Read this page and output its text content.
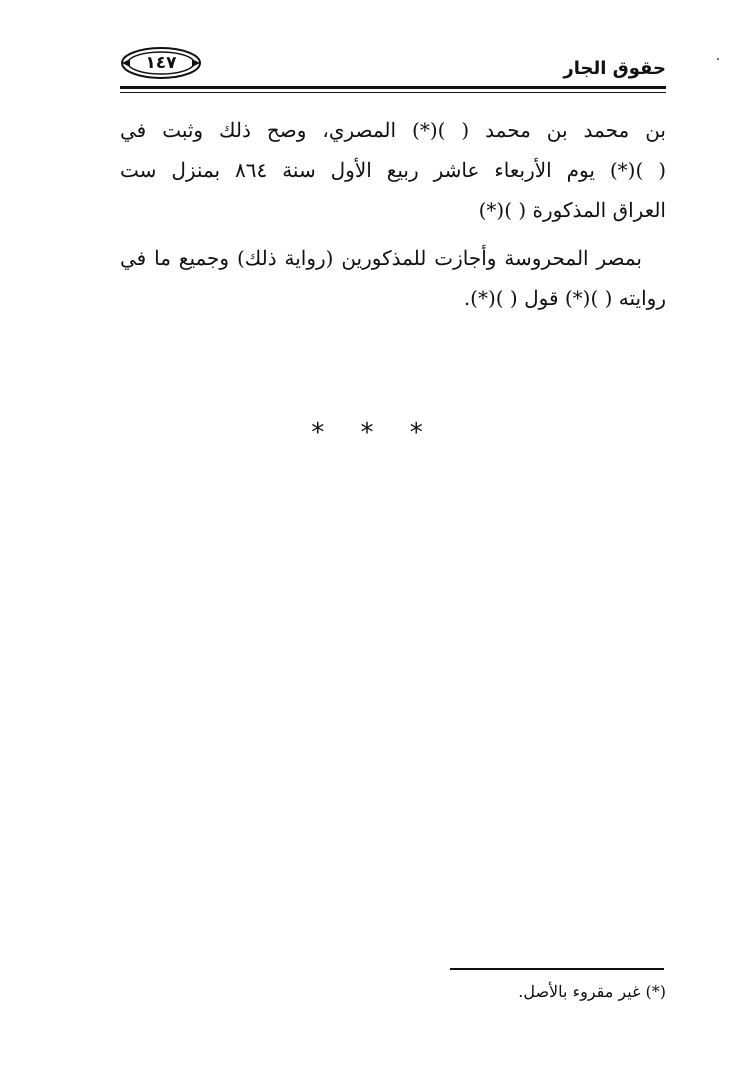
١٤٧	حقوق الجار
بن محمد بن محمد ( )(*) المصري، وصح ذلك وثبت في
( )(*) يوم الأربعاء عاشر ربيع الأول سنة ٨٦٤ بمنزل ست
العراق المذكورة ( )(*)
بمصر المحروسة وأجازت للمذكورين (رواية ذلك) وجميع ما في
روايته ( )(*) قول ( )(*).
* * *
(*) غير مقروء بالأصل.
